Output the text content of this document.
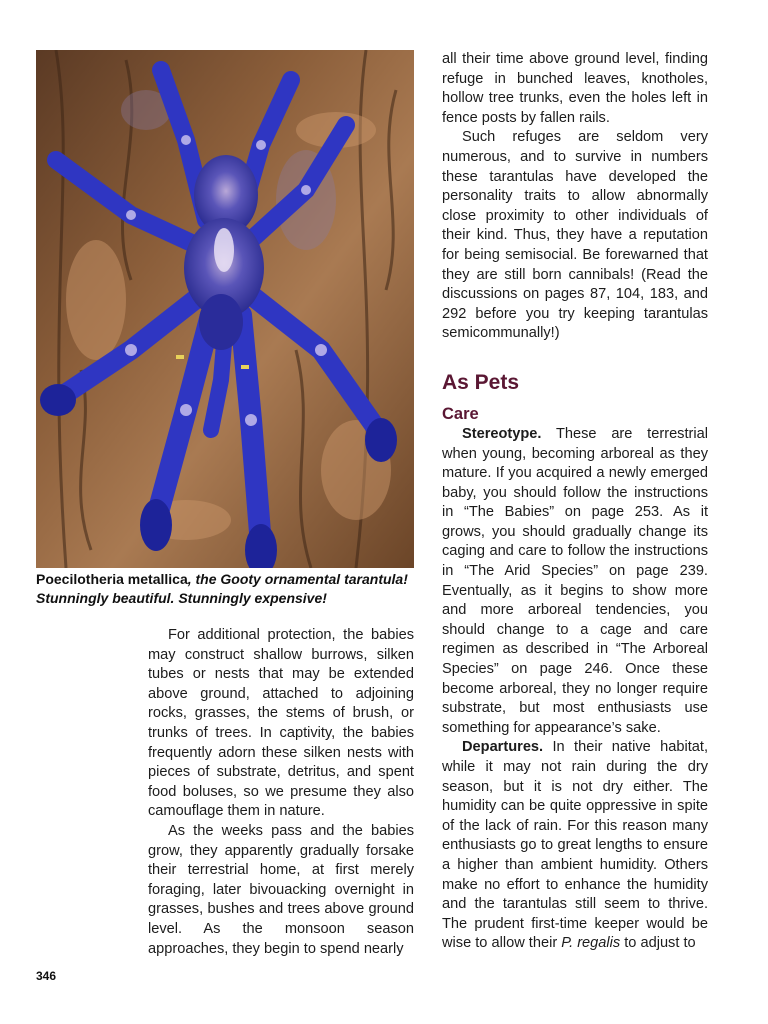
Poecilotheria metallica, the Gooty ornamental tarantula! Stunningly beautiful. Stunningly expensive!

For additional protection, the babies may construct shallow burrows, silken tubes or nests that may be extended above ground, attached to adjoining rocks, grasses, the stems of brush, or trunks of trees. In captivity, the babies frequently adorn these silken nests with pieces of substrate, detritus, and spent food boluses, so we presume they also camouflage them in nature.

As the weeks pass and the babies grow, they apparently gradually forsake their terrestrial home, at first merely foraging, later bivouacking overnight in grasses, bushes and trees above ground level. As the monsoon season approaches, they begin to spend nearly

all their time above ground level, finding refuge in bunched leaves, knotholes, hollow tree trunks, even the holes left in fence posts by fallen rails.

Such refuges are seldom very numerous, and to survive in numbers these tarantulas have developed the personality traits to allow abnormally close proximity to other individuals of their kind. Thus, they have a reputation for being semisocial. Be forewarned that they are still born cannibals! (Read the discussions on pages 87, 104, 183, and 292 before you try keeping tarantulas semicommunally!)

As Pets
Care

Stereotype. These are terrestrial when young, becoming arboreal as they mature. If you acquired a newly emerged baby, you should follow the instructions in “The Babies” on page 253. As it grows, you should gradually change its caging and care to follow the instructions in “The Arid Species” on page 239. Eventually, as it begins to show more and more arboreal tendencies, you should change to a cage and care regimen as described in “The Arboreal Species” on page 246. Once these become arboreal, they no longer require substrate, but most enthusiasts use something for appearance’s sake.

Departures. In their native habitat, while it may not rain during the dry season, but it is not dry either. The humidity can be quite oppressive in spite of the lack of rain. For this reason many enthusiasts go to great lengths to ensure a higher than ambient humidity. Others make no effort to enhance the humidity and the tarantulas still seem to thrive. The prudent first-time keeper would be wise to allow their P. regalis to adjust to

346
